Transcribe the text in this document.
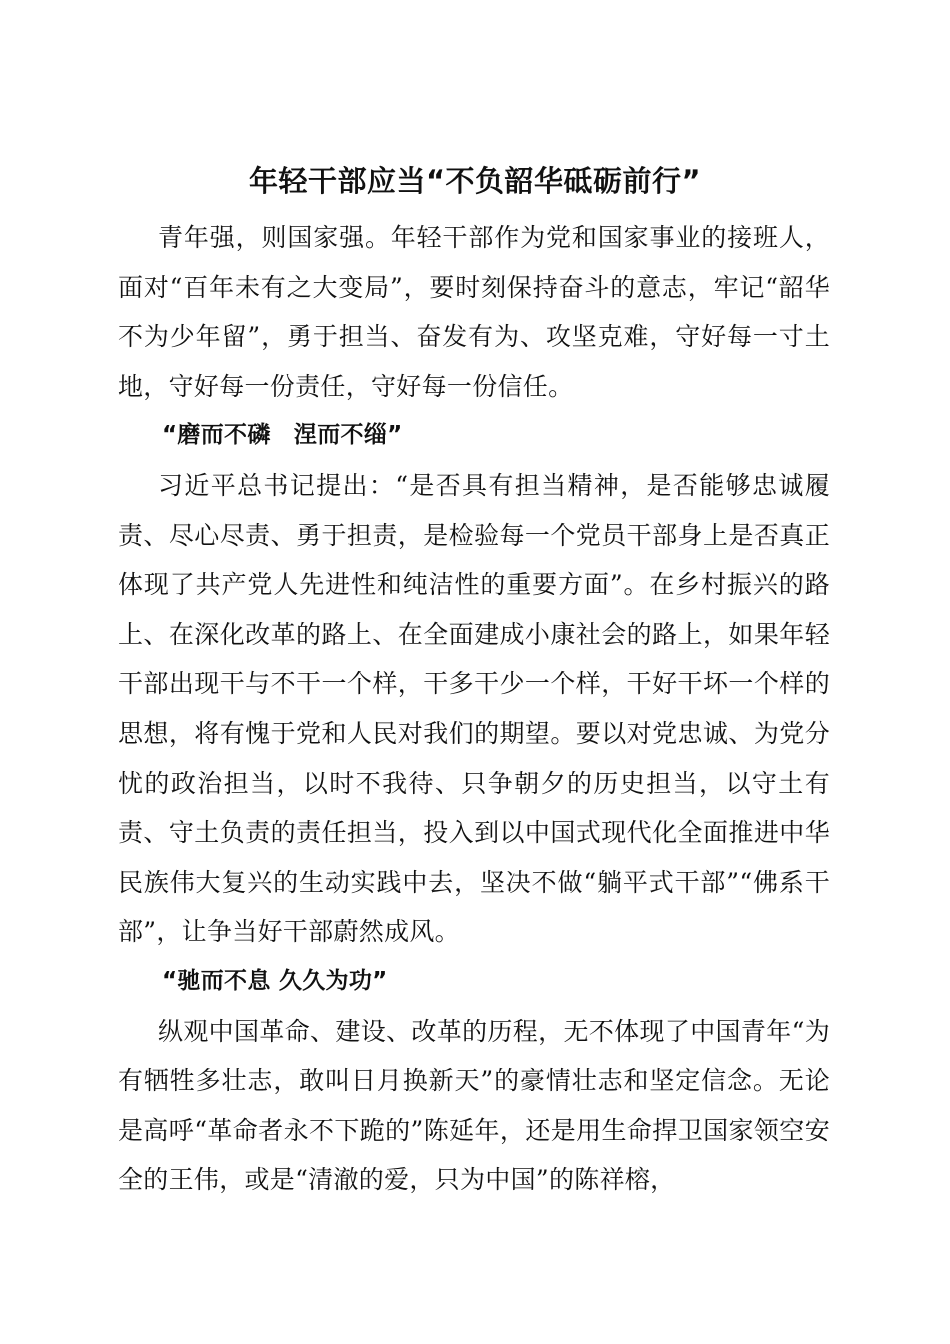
年轻干部应当“不负韶华砥砺前行”

青年强，则国家强。年轻干部作为党和国家事业的接班人，面对“百年未有之大变局”，要时刻保持奋斗的意志，牢记“韶华不为少年留”，勇于担当、奋发有为、攻坚克难，守好每一寸土地，守好每一份责任，守好每一份信任。

“磨而不磷　涅而不缁”

习近平总书记提出：“是否具有担当精神，是否能够忠诚履责、尽心尽责、勇于担责，是检验每一个党员干部身上是否真正体现了共产党人先进性和纯洁性的重要方面”。在乡村振兴的路上、在深化改革的路上、在全面建成小康社会的路上，如果年轻干部出现干与不干一个样，干多干少一个样，干好干坏一个样的思想，将有愧于党和人民对我们的期望。要以对党忠诚、为党分忧的政治担当，以时不我待、只争朝夕的历史担当，以守土有责、守土负责的责任担当，投入到以中国式现代化全面推进中华民族伟大复兴的生动实践中去，坚决不做“躺平式干部”“佛系干部”，让争当好干部蔚然成风。

“驰而不息 久久为功”

纵观中国革命、建设、改革的历程，无不体现了中国青年“为有牺牲多壮志，敢叫日月换新天”的豪情壮志和坚定信念。无论是高呼“革命者永不下跪的”陈延年，还是用生命捍卫国家领空安全的王伟，或是“清澈的爱，只为中国”的陈祥榕，
